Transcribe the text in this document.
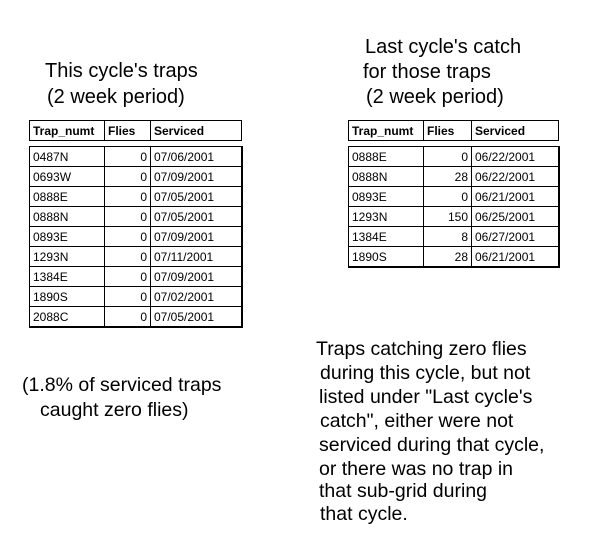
This cycle's traps
(2 week period)
Trap_numt	Flies	Serviced
0487N	0	07/06/2001
0693W	0	07/09/2001
0888E	0	07/05/2001
0888N	0	07/05/2001
0893E	0	07/09/2001
1293N	0	07/11/2001
1384E	0	07/09/2001
1890S	0	07/02/2001
2088C	0	07/05/2001
Last cycle's catch
for those traps
(2 week period)
Trap_numt	Flies	Serviced
0888E	0	06/22/2001
0888N	28	06/22/2001
0893E	0	06/21/2001
1293N	150	06/25/2001
1384E	8	06/27/2001
1890S	28	06/21/2001
(1.8% of serviced traps
caught zero flies)
Traps catching zero flies
during this cycle, but not
listed under "Last cycle's
catch", either were not
serviced during that cycle,
or there was no trap in
that sub-grid during
that cycle.
